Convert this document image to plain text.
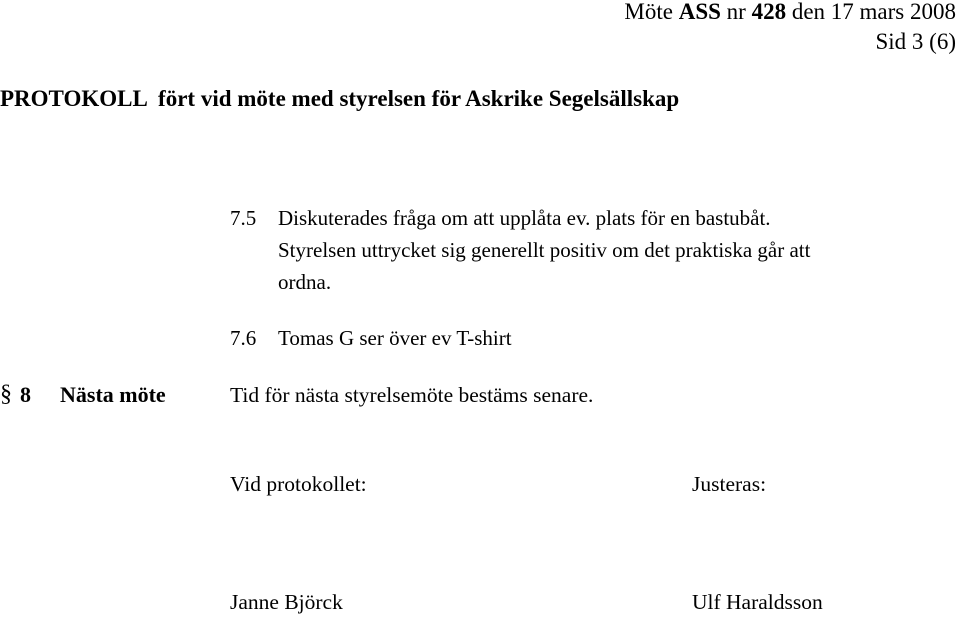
Möte ASS nr 428 den 17 mars 2008
Sid 3 (6)
PROTOKOLL  fört vid möte med styrelsen för Askrike Segelsällskap
7.5 Diskuterades fråga om att upplåta ev. plats för en bastubåt.
Styrelsen uttrycket sig generellt positiv om det praktiska går att
ordna.
7.6 Tomas G ser över ev T-shirt
§ 8 Nästa möte	Tid för nästa styrelsemöte bestäms senare.
Vid protokollet:	Justeras:
Janne Björck	Ulf Haraldsson
